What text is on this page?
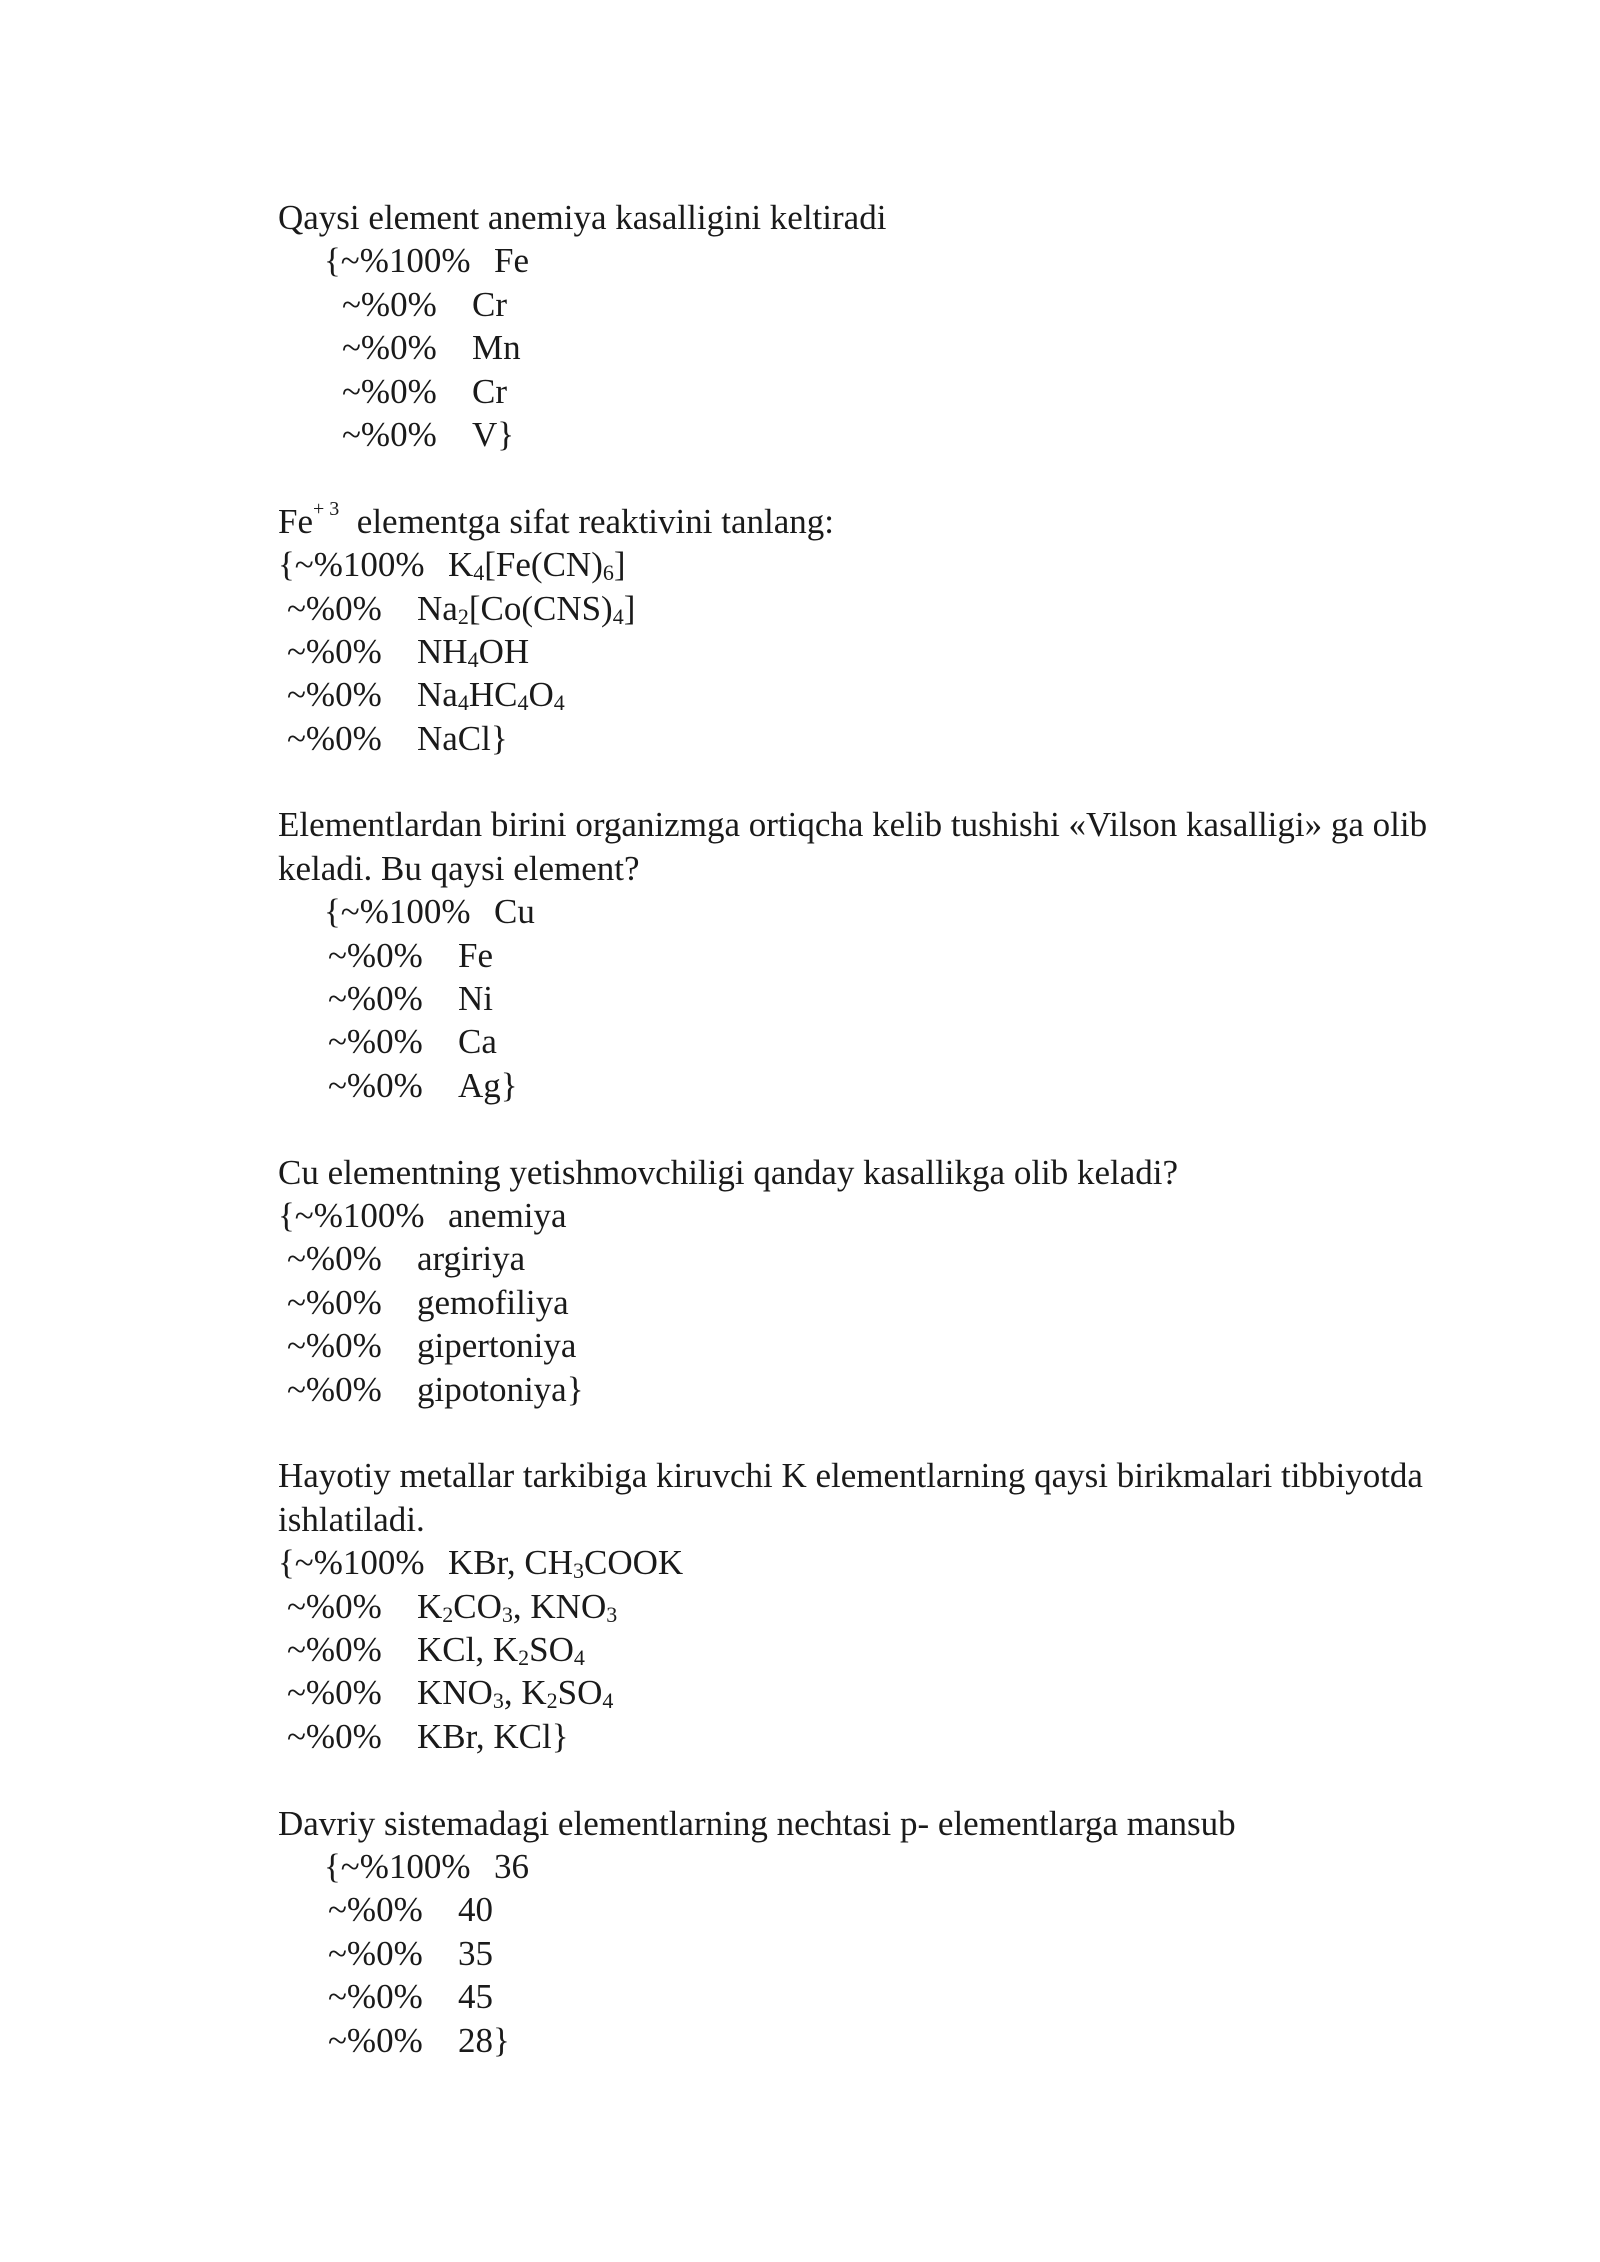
Qaysi element anemiya kasalligini keltiradi
{~%100% Fe
~%0% Cr
~%0% Mn
~%0% Cr
~%0% V}
$Fe^{+ 3}$  elementga sifat reaktivini tanlang:
{~%100% $K_4[Fe(CN)_6]$
~%0% $Na_2[Co(CNS)_4]$
~%0% $NH_4OH$
~%0% $Na_4HC_4O_4$
~%0% NaCl}
Elementlardan birini organizmga ortiqcha kelib tushishi «Vilson kasalligi» ga olib keladi. Bu qaysi element?
{~%100% Cu
~%0% Fe
~%0% Ni
~%0% Ca
~%0% Ag}
Cu elementning yetishmovchiligi qanday kasallikga olib keladi?
{~%100% anemiya
~%0% argiriya
~%0% gemofiliya
~%0% gipertoniya
~%0% gipotoniya}
Hayotiy metallar tarkibiga kiruvchi K elementlarning qaysi birikmalari tibbiyotda ishlatiladi.
{~%100% KBr, $CH_3COOK$
~%0% $K_2CO_3$, $KNO_3$
~%0% KCl, $K_2SO_4$
~%0% $KNO_3$, $K_2SO_4$
~%0% KBr, KCl}
Davriy sistemadagi elementlarning nechtasi p- elementlarga mansub
{~%100% 36
~%0% 40
~%0% 35
~%0% 45
~%0% 28}
